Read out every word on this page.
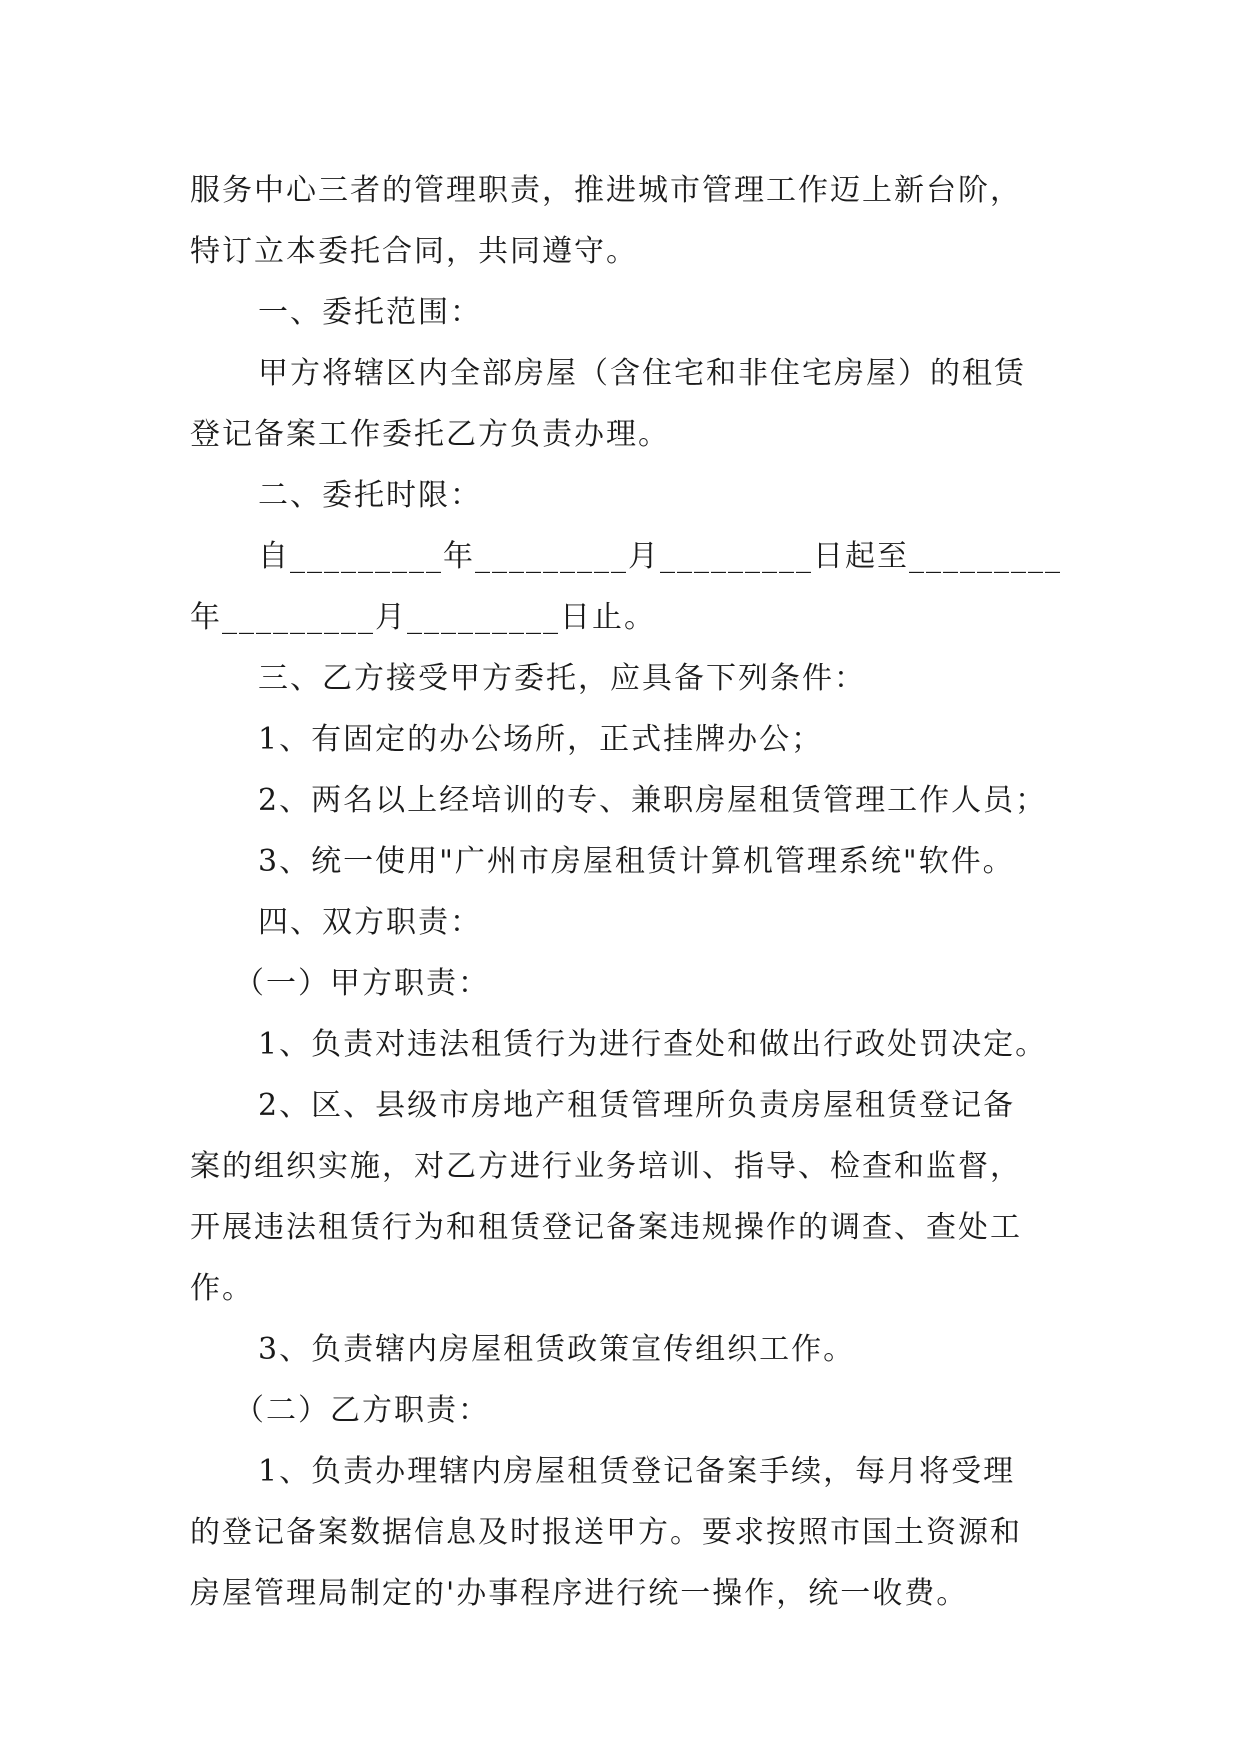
服务中心三者的管理职责，推进城市管理工作迈上新台阶，

特订立本委托合同，共同遵守。

一、委托范围：

甲方将辖区内全部房屋（含住宅和非住宅房屋）的租赁

登记备案工作委托乙方负责办理。

二、委托时限：

自_________年_________月_________日起至_________

年_________月_________日止。

三、乙方接受甲方委托，应具备下列条件：

1、有固定的办公场所，正式挂牌办公；

2、两名以上经培训的专、兼职房屋租赁管理工作人员；

3、统一使用"广州市房屋租赁计算机管理系统"软件。

四、双方职责：

（一）甲方职责：

1、负责对违法租赁行为进行查处和做出行政处罚决定。

2、区、县级市房地产租赁管理所负责房屋租赁登记备

案的组织实施，对乙方进行业务培训、指导、检查和监督，

开展违法租赁行为和租赁登记备案违规操作的调查、查处工

作。

3、负责辖内房屋租赁政策宣传组织工作。

（二）乙方职责：

1、负责办理辖内房屋租赁登记备案手续，每月将受理

的登记备案数据信息及时报送甲方。要求按照市国土资源和

房屋管理局制定的'办事程序进行统一操作，统一收费。
